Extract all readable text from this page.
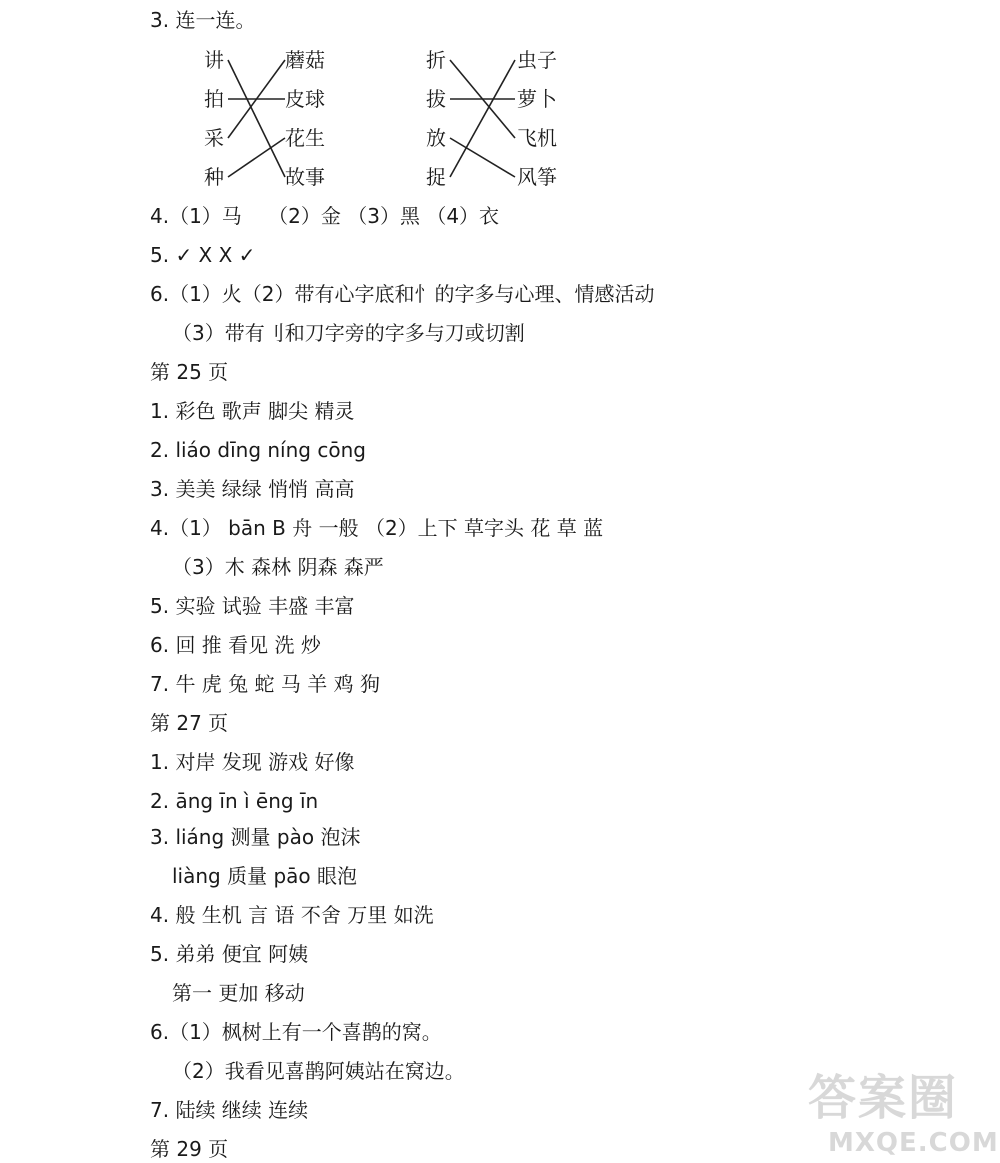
3. 连一连。
讲
拍
采
种
蘑菇
皮球
花生
故事
折
拔
放
捉
虫子
萝卜
飞机
风筝
4.（1）马　 （2）金 （3）黑 （4）衣
5. ✓ X X ✓
6.（1）火（2）带有心字底和忄的字多与心理、情感活动
（3）带有刂和刀字旁的字多与刀或切割
第 25 页
1. 彩色 歌声 脚尖 精灵
2. liáo dīng níng cōng
3. 美美 绿绿 悄悄 高高
4.（1） bān B 舟 一般 （2）上下 草字头 花 草 蓝
（3）木 森林 阴森 森严
5. 实验 试验 丰盛 丰富
6. 回 推 看见 洗 炒
7. 牛 虎 兔 蛇 马 羊 鸡 狗
第 27 页
1. 对岸 发现 游戏 好像
2. āng īn ì ēng īn
3. liáng 测量 pào 泡沫
liàng 质量 pāo 眼泡
4. 般 生机 言 语 不舍 万里 如洗
5. 弟弟 便宜 阿姨
第一 更加 移动
6.（1）枫树上有一个喜鹊的窝。
（2）我看见喜鹊阿姨站在窝边。
7. 陆续 继续 连续
第 29 页
答案圈
MXQE.COM
